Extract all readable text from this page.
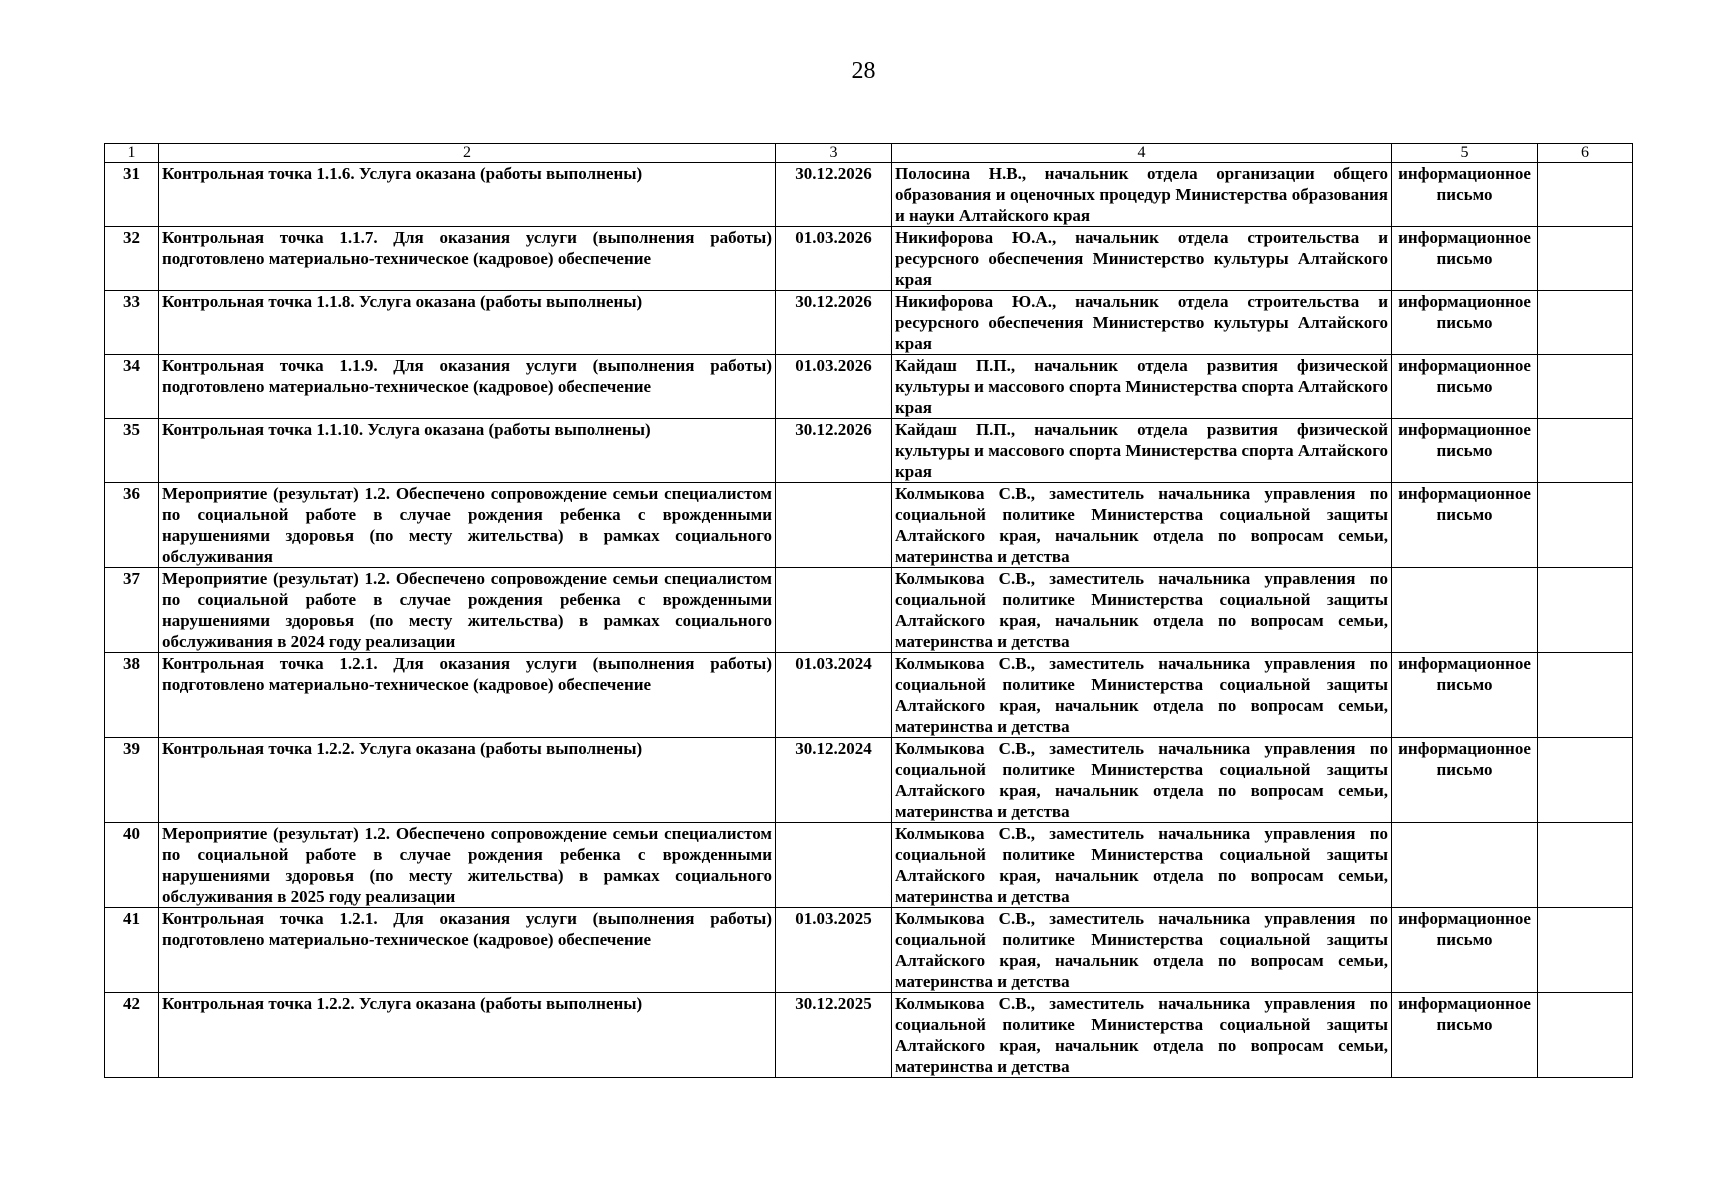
28
1	2	3	4	5	6
31	Контрольная точка 1.1.6. Услуга оказана (работы выполнены)	30.12.2026	Полосина Н.В., начальник отдела организации общего образования и оценочных процедур Министерства образования и науки Алтайского края	информационное письмо	
32	Контрольная точка 1.1.7. Для оказания услуги (выполнения работы) подготовлено материально-техническое (кадровое) обеспечение	01.03.2026	Никифорова Ю.А., начальник отдела строительства и ресурсного обеспечения Министерство культуры Алтайского края	информационное письмо	
33	Контрольная точка 1.1.8. Услуга оказана (работы выполнены)	30.12.2026	Никифорова Ю.А., начальник отдела строительства и ресурсного обеспечения Министерство культуры Алтайского края	информационное письмо	
34	Контрольная точка 1.1.9. Для оказания услуги (выполнения работы) подготовлено материально-техническое (кадровое) обеспечение	01.03.2026	Кайдаш П.П., начальник отдела развития физической культуры и массового спорта Министерства спорта Алтайского края	информационное письмо	
35	Контрольная точка 1.1.10. Услуга оказана (работы выполнены)	30.12.2026	Кайдаш П.П., начальник отдела развития физической культуры и массового спорта Министерства спорта Алтайского края	информационное письмо	
36	Мероприятие (результат) 1.2. Обеспечено сопровождение семьи специалистом по социальной работе в случае рождения ребенка с врожденными нарушениями здоровья (по месту жительства) в рамках социального обслуживания		Колмыкова С.В., заместитель начальника управления по социальной политике Министерства социальной защиты Алтайского края, начальник отдела по вопросам семьи, материнства и детства	информационное письмо	
37	Мероприятие (результат) 1.2. Обеспечено сопровождение семьи специалистом по социальной работе в случае рождения ребенка с врожденными нарушениями здоровья (по месту жительства) в рамках социального обслуживания в 2024 году реализации		Колмыкова С.В., заместитель начальника управления по социальной политике Министерства социальной защиты Алтайского края, начальник отдела по вопросам семьи, материнства и детства		
38	Контрольная точка 1.2.1. Для оказания услуги (выполнения работы) подготовлено материально-техническое (кадровое) обеспечение	01.03.2024	Колмыкова С.В., заместитель начальника управления по социальной политике Министерства социальной защиты Алтайского края, начальник отдела по вопросам семьи, материнства и детства	информационное письмо	
39	Контрольная точка 1.2.2. Услуга оказана (работы выполнены)	30.12.2024	Колмыкова С.В., заместитель начальника управления по социальной политике Министерства социальной защиты Алтайского края, начальник отдела по вопросам семьи, материнства и детства	информационное письмо	
40	Мероприятие (результат) 1.2. Обеспечено сопровождение семьи специалистом по социальной работе в случае рождения ребенка с врожденными нарушениями здоровья (по месту жительства) в рамках социального обслуживания в 2025 году реализации		Колмыкова С.В., заместитель начальника управления по социальной политике Министерства социальной защиты Алтайского края, начальник отдела по вопросам семьи, материнства и детства		
41	Контрольная точка 1.2.1. Для оказания услуги (выполнения работы) подготовлено материально-техническое (кадровое) обеспечение	01.03.2025	Колмыкова С.В., заместитель начальника управления по социальной политике Министерства социальной защиты Алтайского края, начальник отдела по вопросам семьи, материнства и детства	информационное письмо	
42	Контрольная точка 1.2.2. Услуга оказана (работы выполнены)	30.12.2025	Колмыкова С.В., заместитель начальника управления по социальной политике Министерства социальной защиты Алтайского края, начальник отдела по вопросам семьи, материнства и детства	информационное письмо	
